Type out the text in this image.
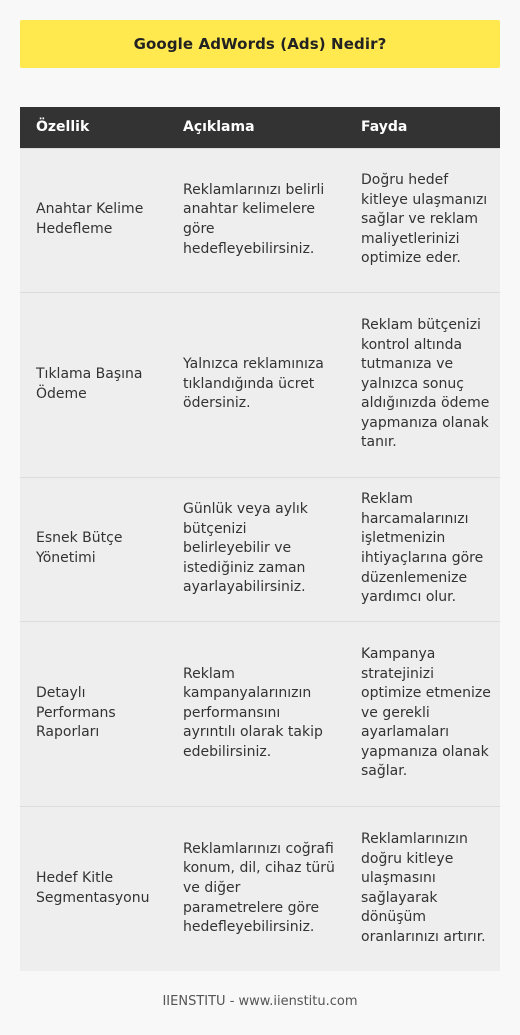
Google AdWords (Ads) Nedir?
Özellik	Açıklama	Fayda
Anahtar Kelime Hedefleme	Reklamlarınızı belirli anahtar kelimelere göre hedefleyebilirsiniz.	Doğru hedef kitleye ulaşmanızı sağlar ve reklam maliyetlerinizi optimize eder.
Tıklama Başına Ödeme	Yalnızca reklamınıza tıklandığında ücret ödersiniz.	Reklam bütçenizi kontrol altında tutmanıza ve yalnızca sonuç aldığınızda ödeme yapmanıza olanak tanır.
Esnek Bütçe Yönetimi	Günlük veya aylık bütçenizi belirleyebilir ve istediğiniz zaman ayarlayabilirsiniz.	Reklam harcamalarınızı işletmenizin ihtiyaçlarına göre düzenlemenize yardımcı olur.
Detaylı Performans Raporları	Reklam kampanyalarınızın performansını ayrıntılı olarak takip edebilirsiniz.	Kampanya stratejinizi optimize etmenize ve gerekli ayarlamaları yapmanıza olanak sağlar.
Hedef Kitle Segmentasyonu	Reklamlarınızı coğrafi konum, dil, cihaz türü ve diğer parametrelere göre hedefleyebilirsiniz.	Reklamlarınızın doğru kitleye ulaşmasını sağlayarak dönüşüm oranlarınızı artırır.
IIENSTITU - www.iienstitu.com
